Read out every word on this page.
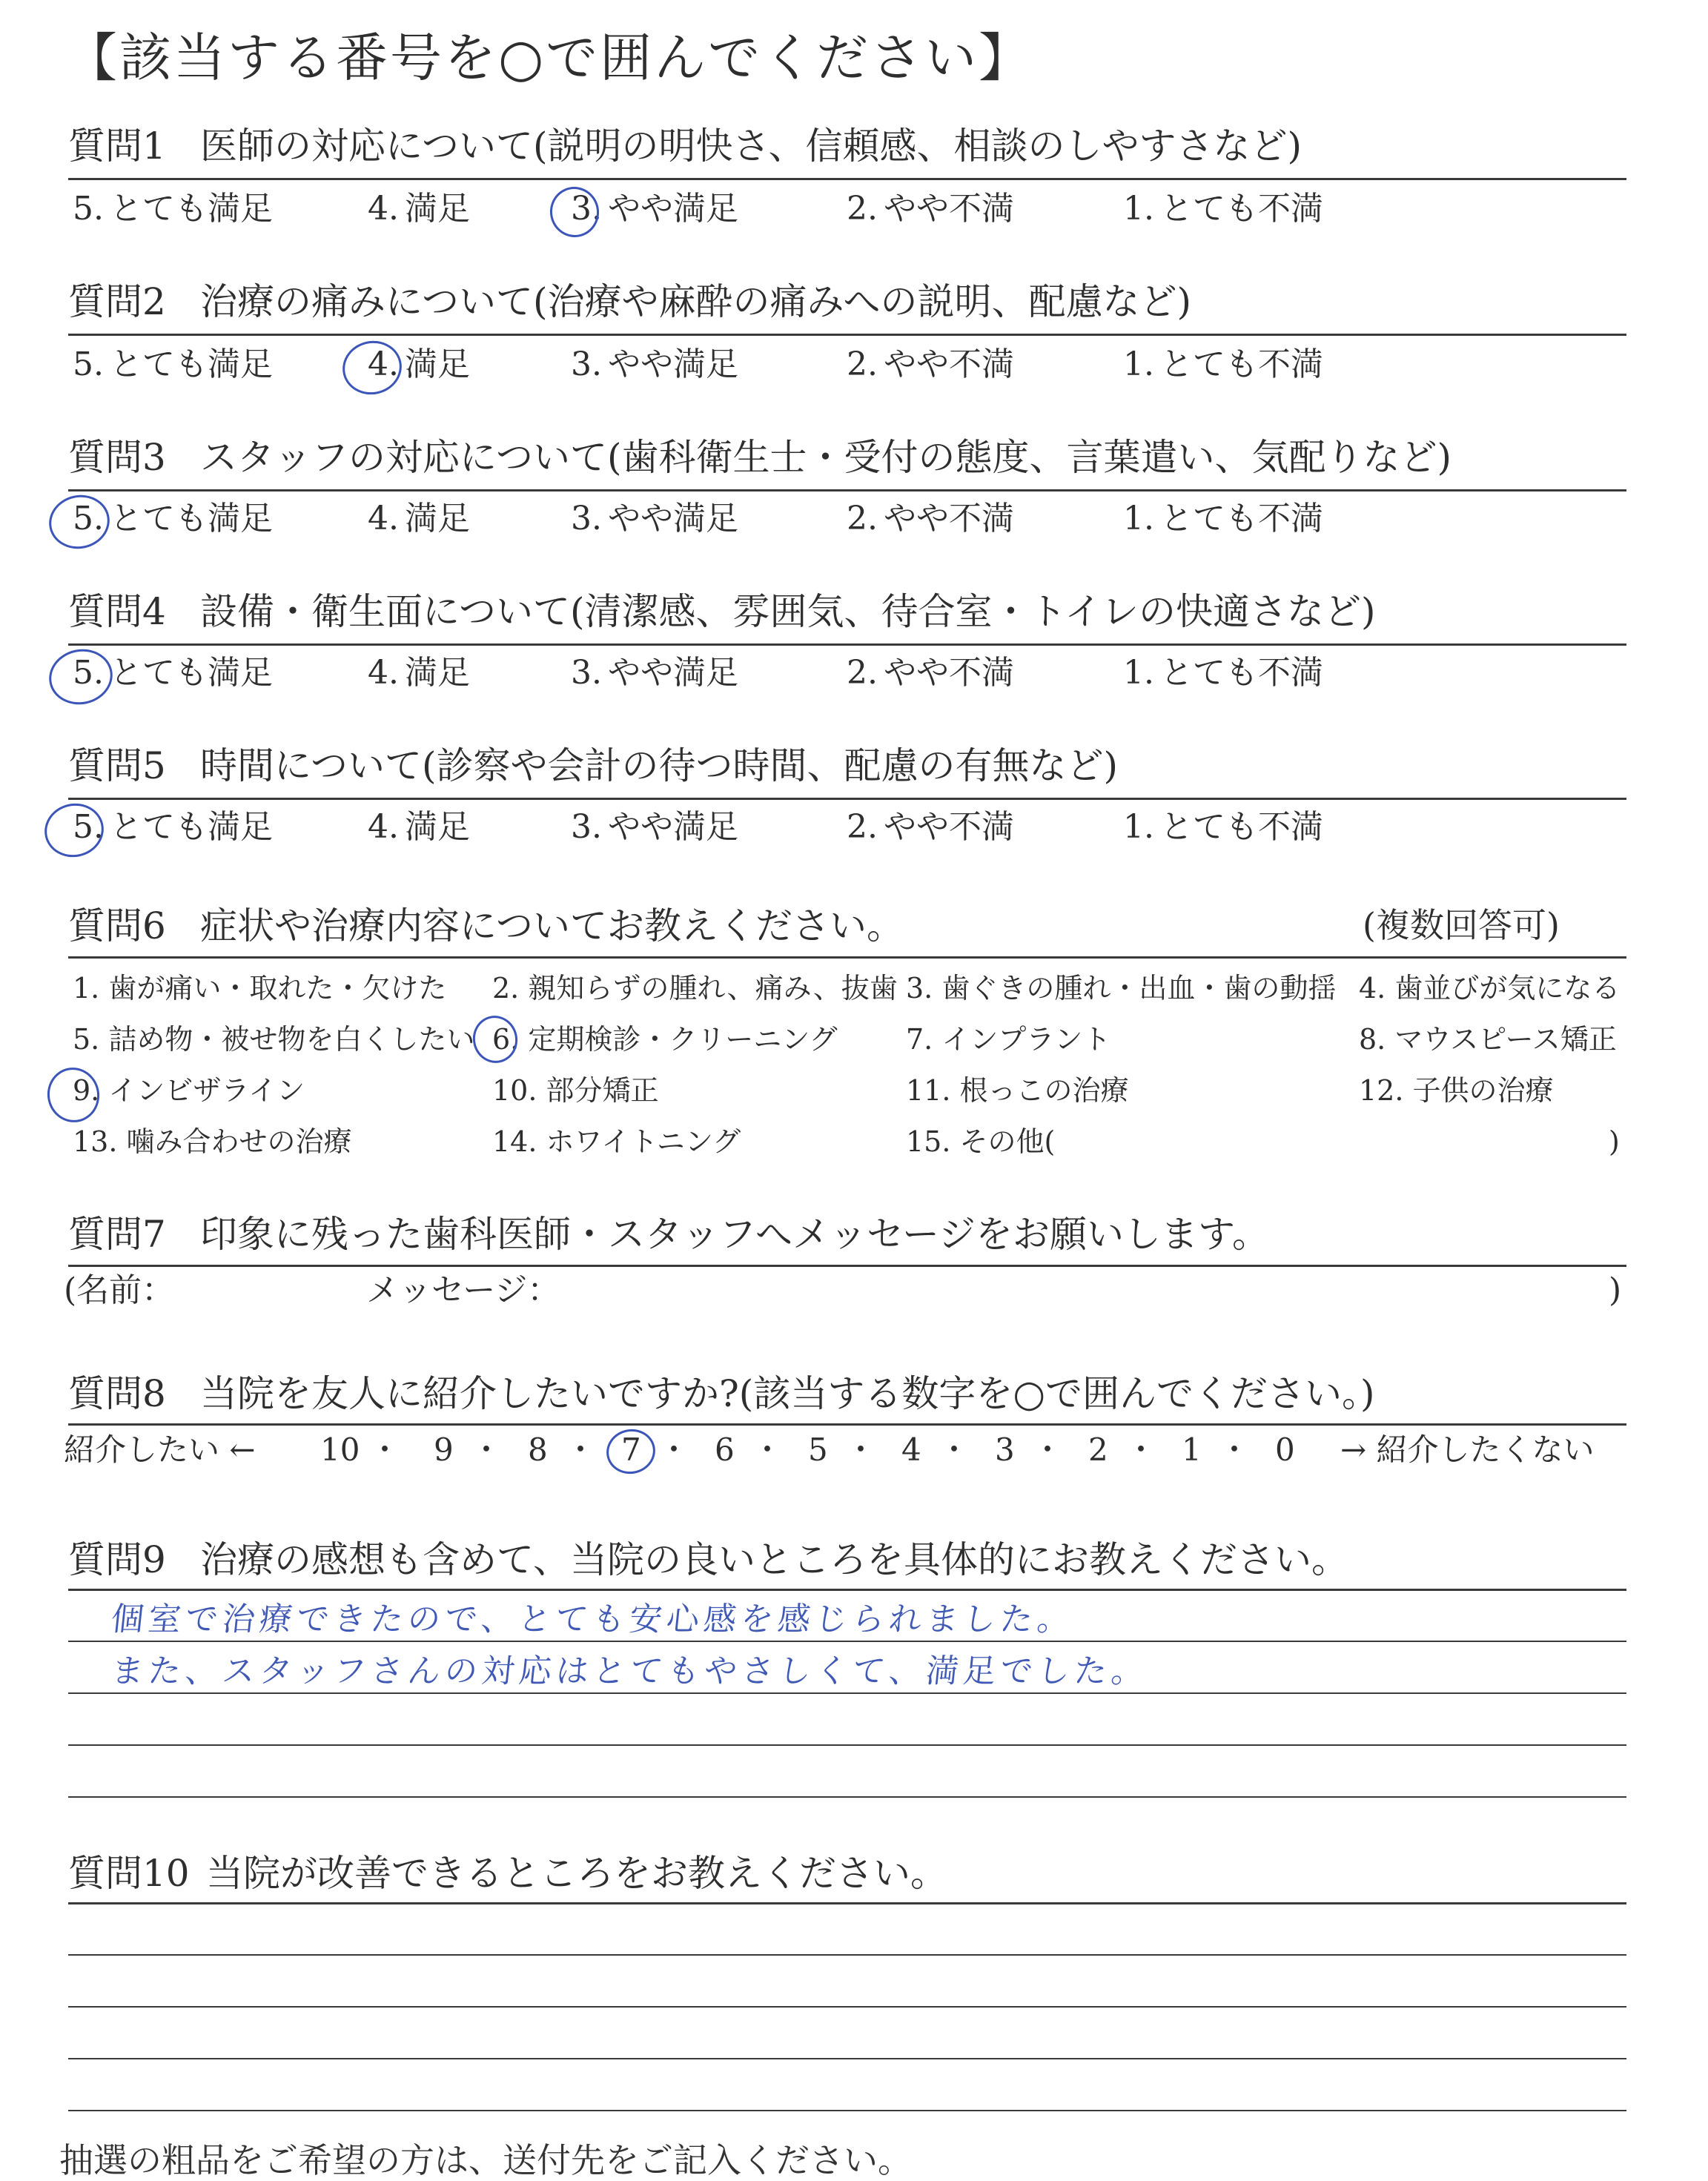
【該当する番号を○で囲んでください】
質問1 医師の対応について(説明の明快さ、信頼感、相談のしやすさなど)
5. とても満足	4. 満足	3. やや満足	2. やや不満	1. とても不満
質問2 治療の痛みについて(治療や麻酔の痛みへの説明、配慮など)
5. とても満足	4. 満足	3. やや満足	2. やや不満	1. とても不満
質問3 スタッフの対応について(歯科衛生士・受付の態度、言葉遣い、気配りなど)
5. とても満足	4. 満足	3. やや満足	2. やや不満	1. とても不満
質問4 設備・衛生面について(清潔感、雰囲気、待合室・トイレの快適さなど)
5. とても満足	4. 満足	3. やや満足	2. やや不満	1. とても不満
質問5 時間について(診察や会計の待つ時間、配慮の有無など)
5. とても満足	4. 満足	3. やや満足	2. やや不満	1. とても不満
質問6 症状や治療内容についてお教えください。	(複数回答可)
1. 歯が痛い・取れた・欠けた 2. 親知らずの腫れ、痛み、抜歯 3. 歯ぐきの腫れ・出血・歯の動揺 4. 歯並びが気になる
5. 詰め物・被せ物を白くしたい 6. 定期検診・クリーニング 7. インプラント	8. マウスピース矯正
9. インビザライン	10. 部分矯正	11. 根っこの治療	12. 子供の治療
13. 噛み合わせの治療	14. ホワイトニング	15. その他(	)
質問7 印象に残った歯科医師・スタッフへメッセージをお願いします。
(名前：	メッセージ：	)
質問8 当院を友人に紹介したいですか?(該当する数字を○で囲んでください。)
紹介したい ← 10 ・ 9 ・ 8 ・ 7 ・ 6 ・ 5 ・ 4 ・ 3 ・ 2 ・ 1 ・ 0 → 紹介したくない
質問9 治療の感想も含めて、当院の良いところを具体的にお教えください。
個室で治療できたので、とても安心感を感じられました。
また、スタッフさんの対応はとてもやさしくて、満足でした。
質問10 当院が改善できるところをお教えください。
抽選の粗品をご希望の方は、送付先をご記入ください。
